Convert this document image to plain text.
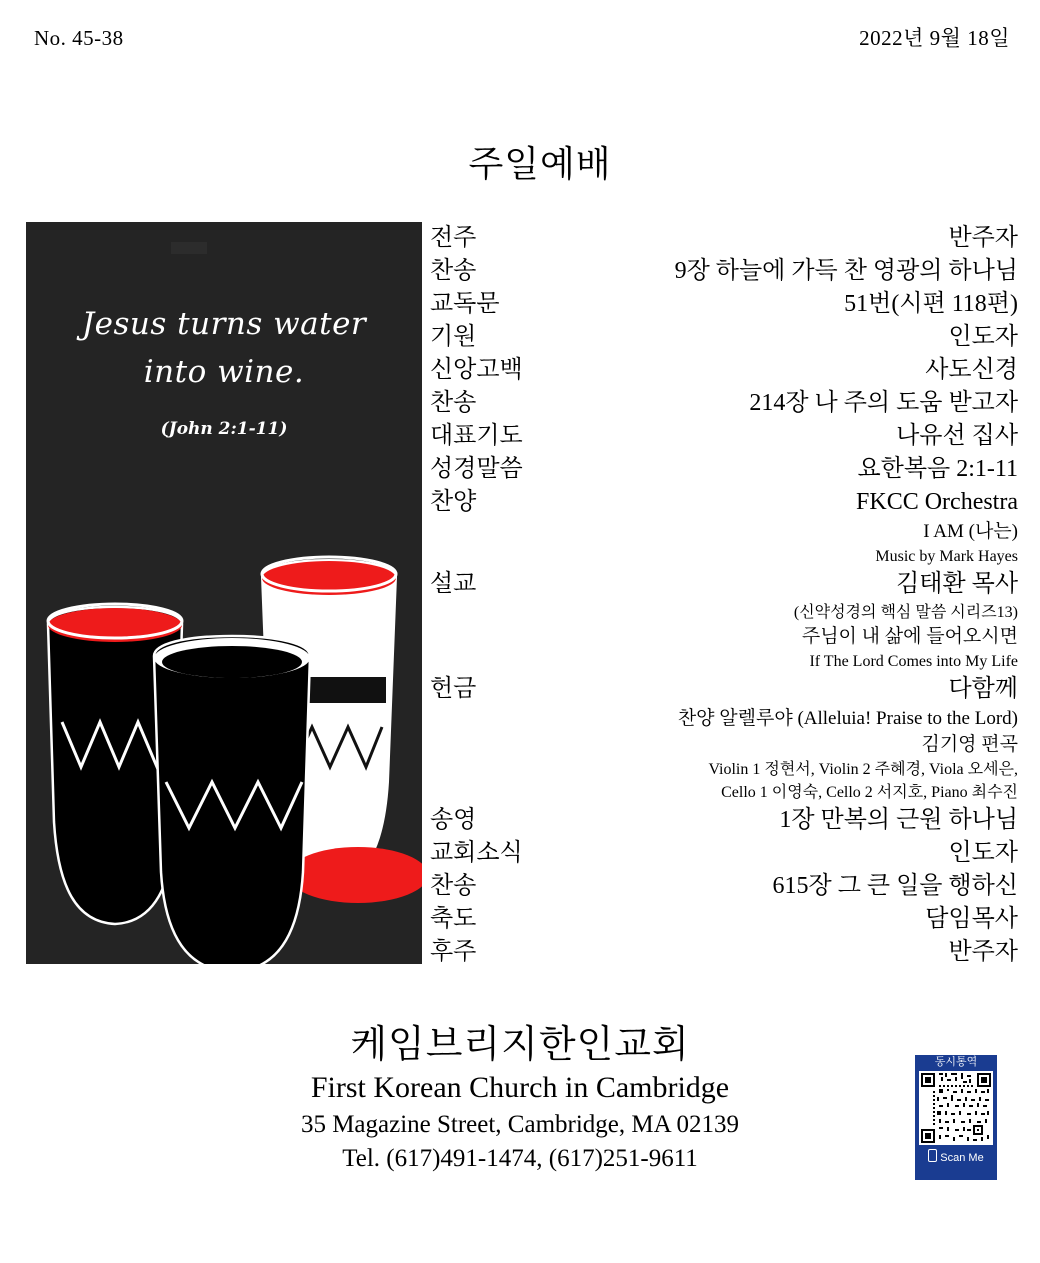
No. 45-38	2022년 9월 18일
주일예배
Jesus turns water
into wine.
(John 2:1-11)
전주	반주자
찬송	9장 하늘에 가득 찬 영광의 하나님
교독문	51번(시편 118편)
기원	인도자
신앙고백	사도신경
찬송	214장 나 주의 도움 받고자
대표기도	나유선 집사
성경말씀	요한복음 2:1-11
찬양	FKCC Orchestra
I AM (나는)
Music by Mark Hayes
설교	김태환 목사
(신약성경의 핵심 말씀 시리즈13)
주님이 내 삶에 들어오시면
If The Lord Comes into My Life
헌금	다함께
찬양 알렐루야 (Alleluia! Praise to the Lord)
김기영 편곡
Violin 1 정현서, Violin 2 주혜경, Viola 오세은,
Cello 1 이영숙, Cello 2 서지호, Piano 최수진
송영	1장 만복의 근원 하나님
교회소식	인도자
찬송	615장 그 큰 일을 행하신
축도	담임목사
후주	반주자
케임브리지한인교회
First Korean Church in Cambridge
35 Magazine Street, Cambridge, MA 02139
Tel. (617)491-1474, (617)251-9611
동시통역
Scan Me
